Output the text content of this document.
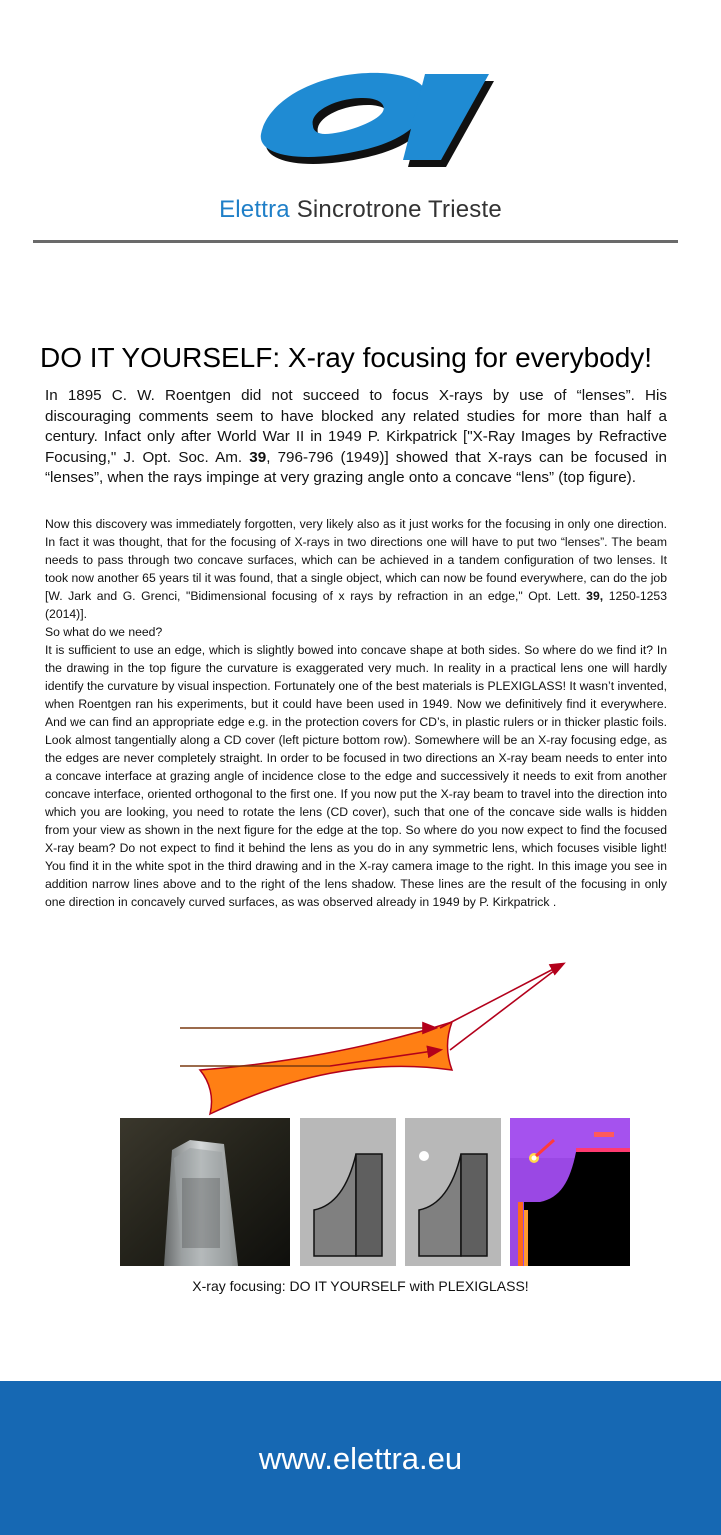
Elettra Sincrotrone Trieste
DO IT YOURSELF: X-ray focusing for everybody!
In 1895 C. W. Roentgen did not succeed to focus X-rays by use of “lenses”. His discouraging comments seem to have blocked any related studies for more than half a century. Infact only after World War II in 1949 P. Kirkpatrick ["X-Ray Images by Refractive Focusing," J. Opt. Soc. Am. 39, 796-796 (1949)] showed that X-rays can be focused in “lenses”, when the rays impinge at very grazing angle onto a concave “lens” (top figure).

Now this discovery was immediately forgotten, very likely also as it just works for the focusing in only one direction. In fact it was thought, that for the focusing of X-rays in two directions one will have to put two “lenses”. The beam needs to pass through two concave surfaces, which can be achieved in a tandem configuration of two lenses. It took now another 65 years til it was found, that a single object, which can now be found everywhere, can do the job [W. Jark and G. Grenci, "Bidimensional focusing of x rays by refraction in an edge," Opt. Lett. 39, 1250-1253 (2014)].

So what do we need?

It is sufficient to use an edge, which is slightly bowed into concave shape at both sides. So where do we find it? In the drawing in the top figure the curvature is exaggerated very much. In reality in a practical lens one will hardly identify the curvature by visual inspection. Fortunately one of the best materials is PLEXIGLASS! It wasn’t invented, when Roentgen ran his experiments, but it could have been used in 1949. Now we definitively find it everywhere. And we can find an appropriate edge e.g. in the protection covers for CD’s, in plastic rulers or in thicker plastic foils. Look almost tangentially along a CD cover (left picture bottom row). Somewhere will be an X-ray focusing edge, as the edges are never completely straight. In order to be focused in two directions an X-ray beam needs to enter into a concave interface at grazing angle of incidence close to the edge and successively it needs to exit from another concave interface, oriented orthogonal to the first one. If you now put the X-ray beam to travel into the direction into which you are looking, you need to rotate the lens (CD cover), such that one of the concave side walls is hidden from your view as shown in the next figure for the edge at the top. So where do you now expect to find the focused X-ray beam? Do not expect to find it behind the lens as you do in any symmetric lens, which focuses visible light! You find it in the white spot in the third drawing and in the X-ray camera image to the right. In this image you see in addition narrow lines above and to the right of the lens shadow. These lines are the result of the focusing in only one direction in concavely curved surfaces, as was observed already in 1949 by P. Kirkpatrick .

X-ray focusing: DO IT YOURSELF with PLEXIGLASS!
www.elettra.eu
